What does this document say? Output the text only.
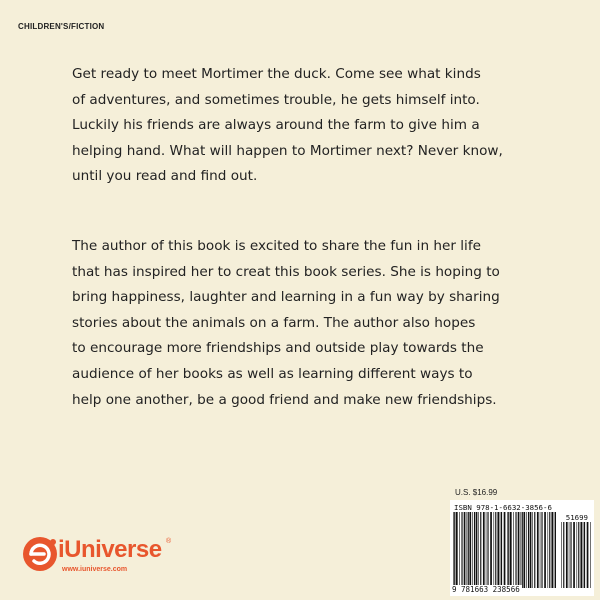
CHILDREN'S/FICTION
Get ready to meet Mortimer the duck. Come see what kinds
of adventures, and sometimes trouble, he gets himself into.
Luckily his friends are always around the farm to give him a
helping hand. What will happen to Mortimer next? Never know,
until you read and find out.
The author of this book is excited to share the fun in her life
that has inspired her to creat this book series. She is hoping to
bring happiness, laughter and learning in a fun way by sharing
stories about the animals on a farm. The author also hopes
to encourage more friendships and outside play towards the
audience of her books as well as learning different ways to
help one another, be a good friend and make new friendships.
iUniverse ®
www.iuniverse.com
U.S. $16.99
ISBN 978-1-6632-3856-6
51699
9 781663 238566
